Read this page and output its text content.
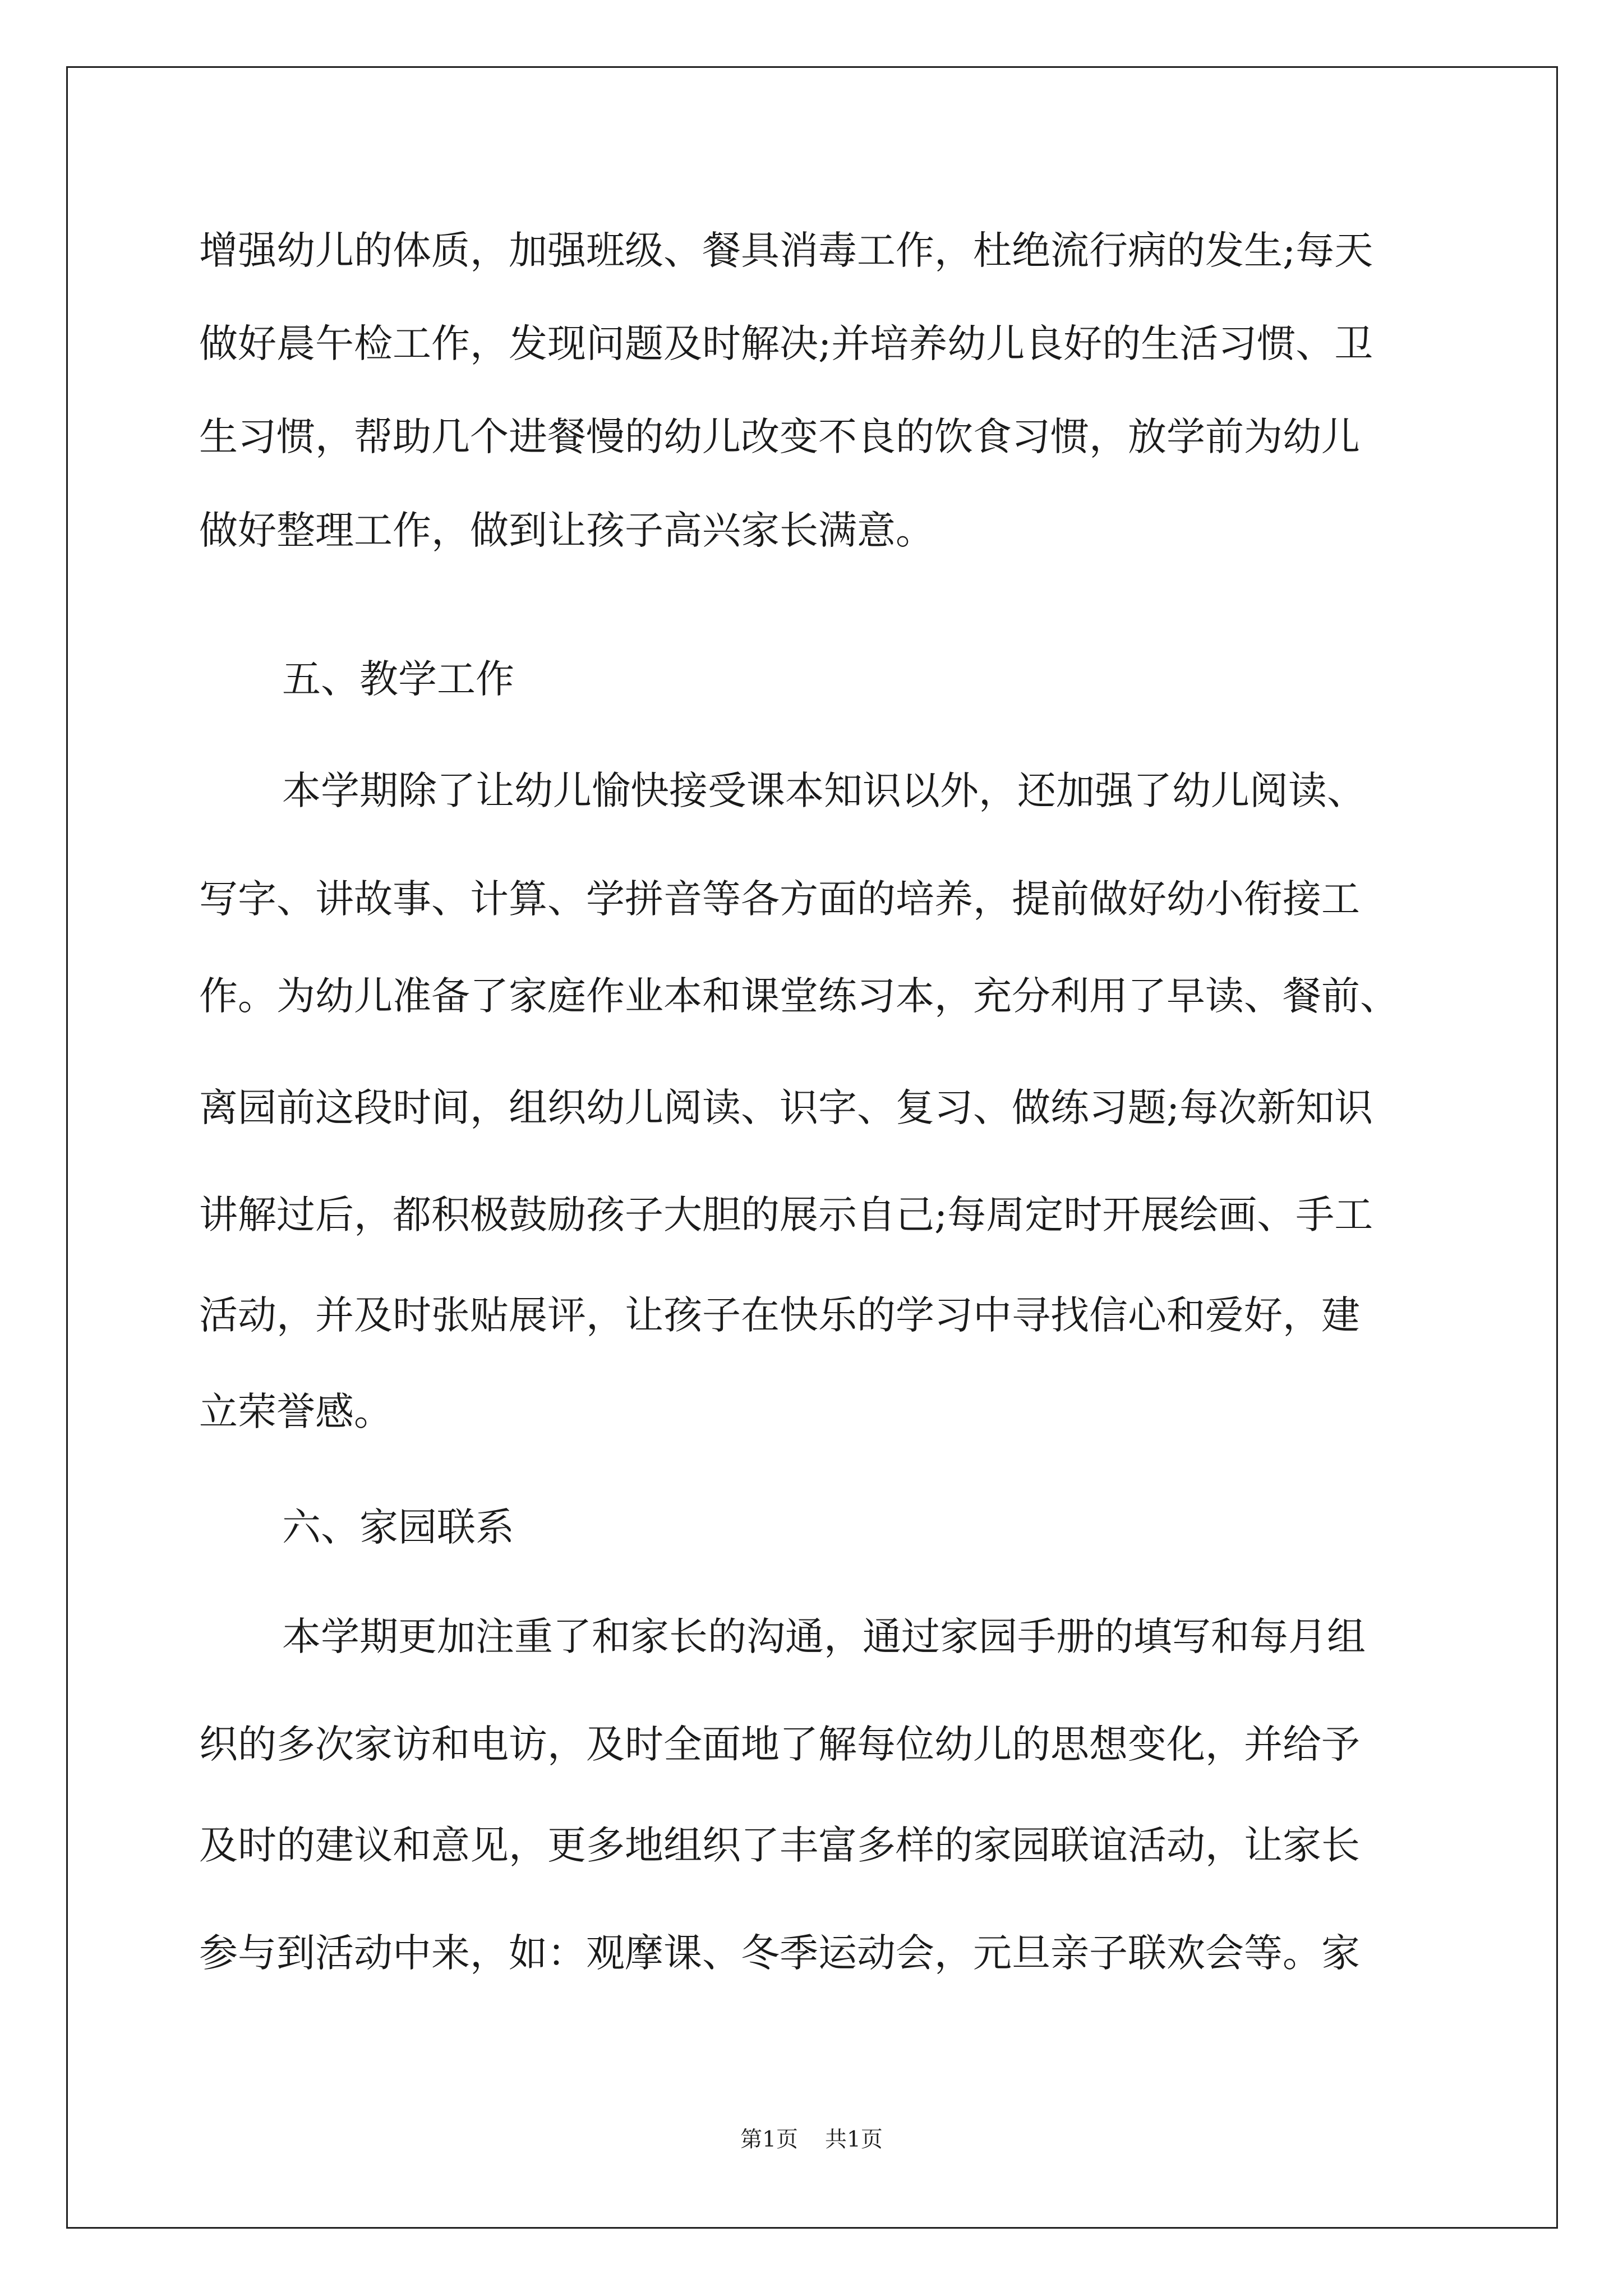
增强幼儿的体质，加强班级、餐具消毒工作，杜绝流行病的发生;每天
做好晨午检工作，发现问题及时解决;并培养幼儿良好的生活习惯、卫
生习惯，帮助几个进餐慢的幼儿改变不良的饮食习惯，放学前为幼儿
做好整理工作，做到让孩子高兴家长满意。
五、教学工作
本学期除了让幼儿愉快接受课本知识以外，还加强了幼儿阅读、
写字、讲故事、计算、学拼音等各方面的培养，提前做好幼小衔接工
作。为幼儿准备了家庭作业本和课堂练习本，充分利用了早读、餐前、
离园前这段时间，组织幼儿阅读、识字、复习、做练习题;每次新知识
讲解过后，都积极鼓励孩子大胆的展示自己;每周定时开展绘画、手工
活动，并及时张贴展评，让孩子在快乐的学习中寻找信心和爱好，建
立荣誉感。
六、家园联系
本学期更加注重了和家长的沟通，通过家园手册的填写和每月组
织的多次家访和电访，及时全面地了解每位幼儿的思想变化，并给予
及时的建议和意见，更多地组织了丰富多样的家园联谊活动，让家长
参与到活动中来，如：观摩课、冬季运动会，元旦亲子联欢会等。家
第1页 共1页
